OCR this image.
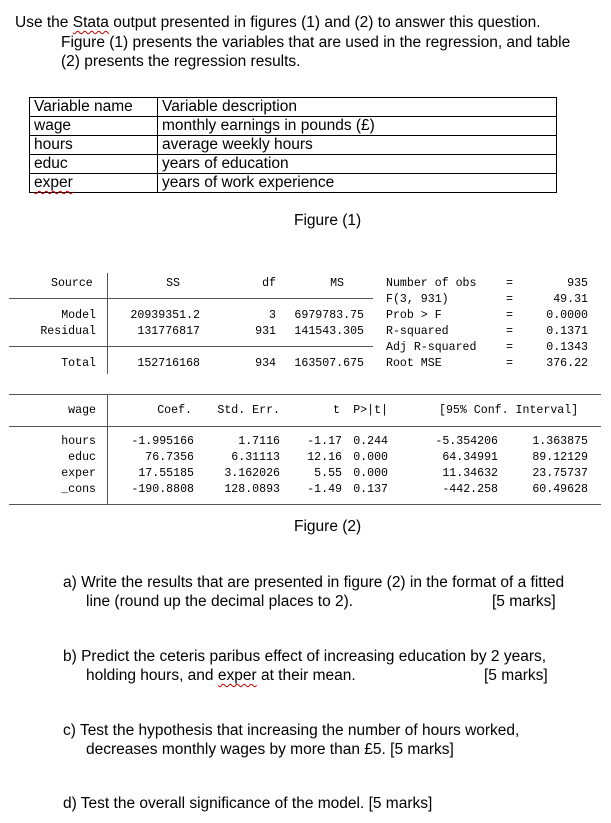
Use the Stata output presented in figures (1) and (2) to answer this question.
Figure (1) presents the variables that are used in the regression, and table
(2) presents the regression results.
Variable name	Variable description
wage	monthly earnings in pounds (£)
hours	average weekly hours
educ	years of education
exper	years of work experience
Figure (1)
Source	SS	df	MS
Model	20939351.2	3	6979783.75
Residual	131776817	931	141543.305
Total	152716168	934	163507.675
Number of obs	=	935
F(3, 931)	=	49.31
Prob > F	=	0.0000
R-squared	=	0.1371
Adj R-squared	=	0.1343
Root MSE	=	376.22
wage	Coef.	Std. Err.	t	P>|t|	[95% Conf. Interval]
hours	-1.995166	1.7116	-1.17 0.244	-5.354206	1.363875
educ	76.7356	6.31113	12.16 0.000	64.34991	89.12129
exper	17.55185	3.162026	5.55 0.000	11.34632	23.75737
_cons	-190.8808	128.0893	-1.49 0.137	-442.258	60.49628
Figure (2)
a) Write the results that are presented in figure (2) in the format of a fitted
line (round up the decimal places to 2).	[5 marks]
b) Predict the ceteris paribus effect of increasing education by 2 years,
holding hours, and exper at their mean.	[5 marks]
c) Test the hypothesis that increasing the number of hours worked,
decreases monthly wages by more than £5. [5 marks]
d) Test the overall significance of the model. [5 marks]
